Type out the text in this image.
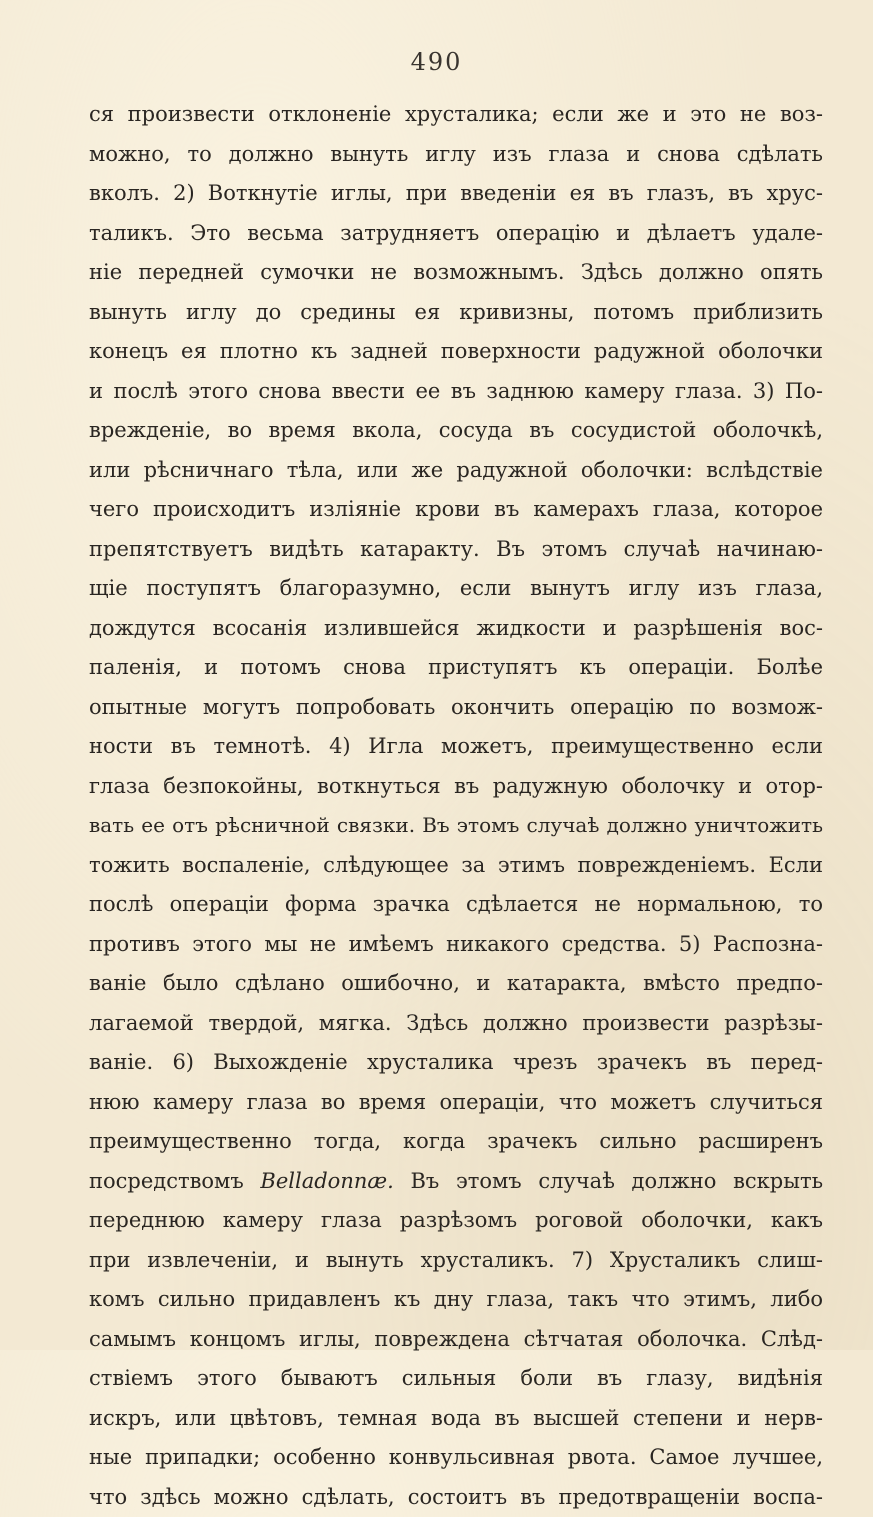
490
ся произвести отклоненіе хрусталика; если же и это не воз-
можно, то должно вынуть иглу изъ глаза и снова сдѣлать
вколъ. 2) Воткнутіе иглы, при введеніи ея въ глазъ, въ хрус-
таликъ. Это весьма затрудняетъ операцію и дѣлаетъ удале-
ніе передней сумочки не возможнымъ. Здѣсь должно опять
вынуть иглу до средины ея кривизны, потомъ приблизить
конецъ ея плотно къ задней поверхности радужной оболочки
и послѣ этого снова ввести ее въ заднюю камеру глаза. 3) По-
врежденіе, во время вкола, сосуда въ сосудистой оболочкѣ,
или рѣсничнаго тѣла, или же радужной оболочки: вслѣдствіе
чего происходитъ изліяніе крови въ камерахъ глаза, которое
препятствуетъ видѣть катаракту. Въ этомъ случаѣ начинаю-
щіе поступятъ благоразумно, если вынутъ иглу изъ глаза,
дождутся всосанія излившейся жидкости и разрѣшенія вос-
паленія, и потомъ снова приступятъ къ операціи. Болѣе
опытные могутъ попробовать окончить операцію по возмож-
ности въ темнотѣ. 4) Игла можетъ, преимущественно если
глаза безпокойны, воткнуться въ радужную оболочку и отор-
вать ее отъ рѣсничной связки. Въ этомъ случаѣ должно уничтожить
тожить воспаленіе, слѣдующее за этимъ поврежденіемъ. Если
послѣ операціи форма зрачка сдѣлается не нормальною, то
противъ этого мы не имѣемъ никакого средства. 5) Распозна-
ваніе было сдѣлано ошибочно, и катаракта, вмѣсто предпо-
лагаемой твердой, мягка. Здѣсь должно произвести разрѣзы-
ваніе. 6) Выхожденіе хрусталика чрезъ зрачекъ въ перед-
нюю камеру глаза во время операціи, что можетъ случиться
преимущественно тогда, когда зрачекъ сильно расширенъ
посредствомъ Belladonnæ. Въ этомъ случаѣ должно вскрыть
переднюю камеру глаза разрѣзомъ роговой оболочки, какъ
при извлеченіи, и вынуть хрусталикъ. 7) Хрусталикъ слиш-
комъ сильно придавленъ къ дну глаза, такъ что этимъ, либо
самымъ концомъ иглы, повреждена сѣтчатая оболочка. Слѣд-
ствіемъ этого бываютъ сильныя боли въ глазу, видѣнія
искръ, или цвѣтовъ, темная вода въ высшей степени и нерв-
ные припадки; особенно конвульсивная рвота. Самое лучшее,
что здѣсь можно сдѣлать, состоитъ въ предотвращеніи воспа-
